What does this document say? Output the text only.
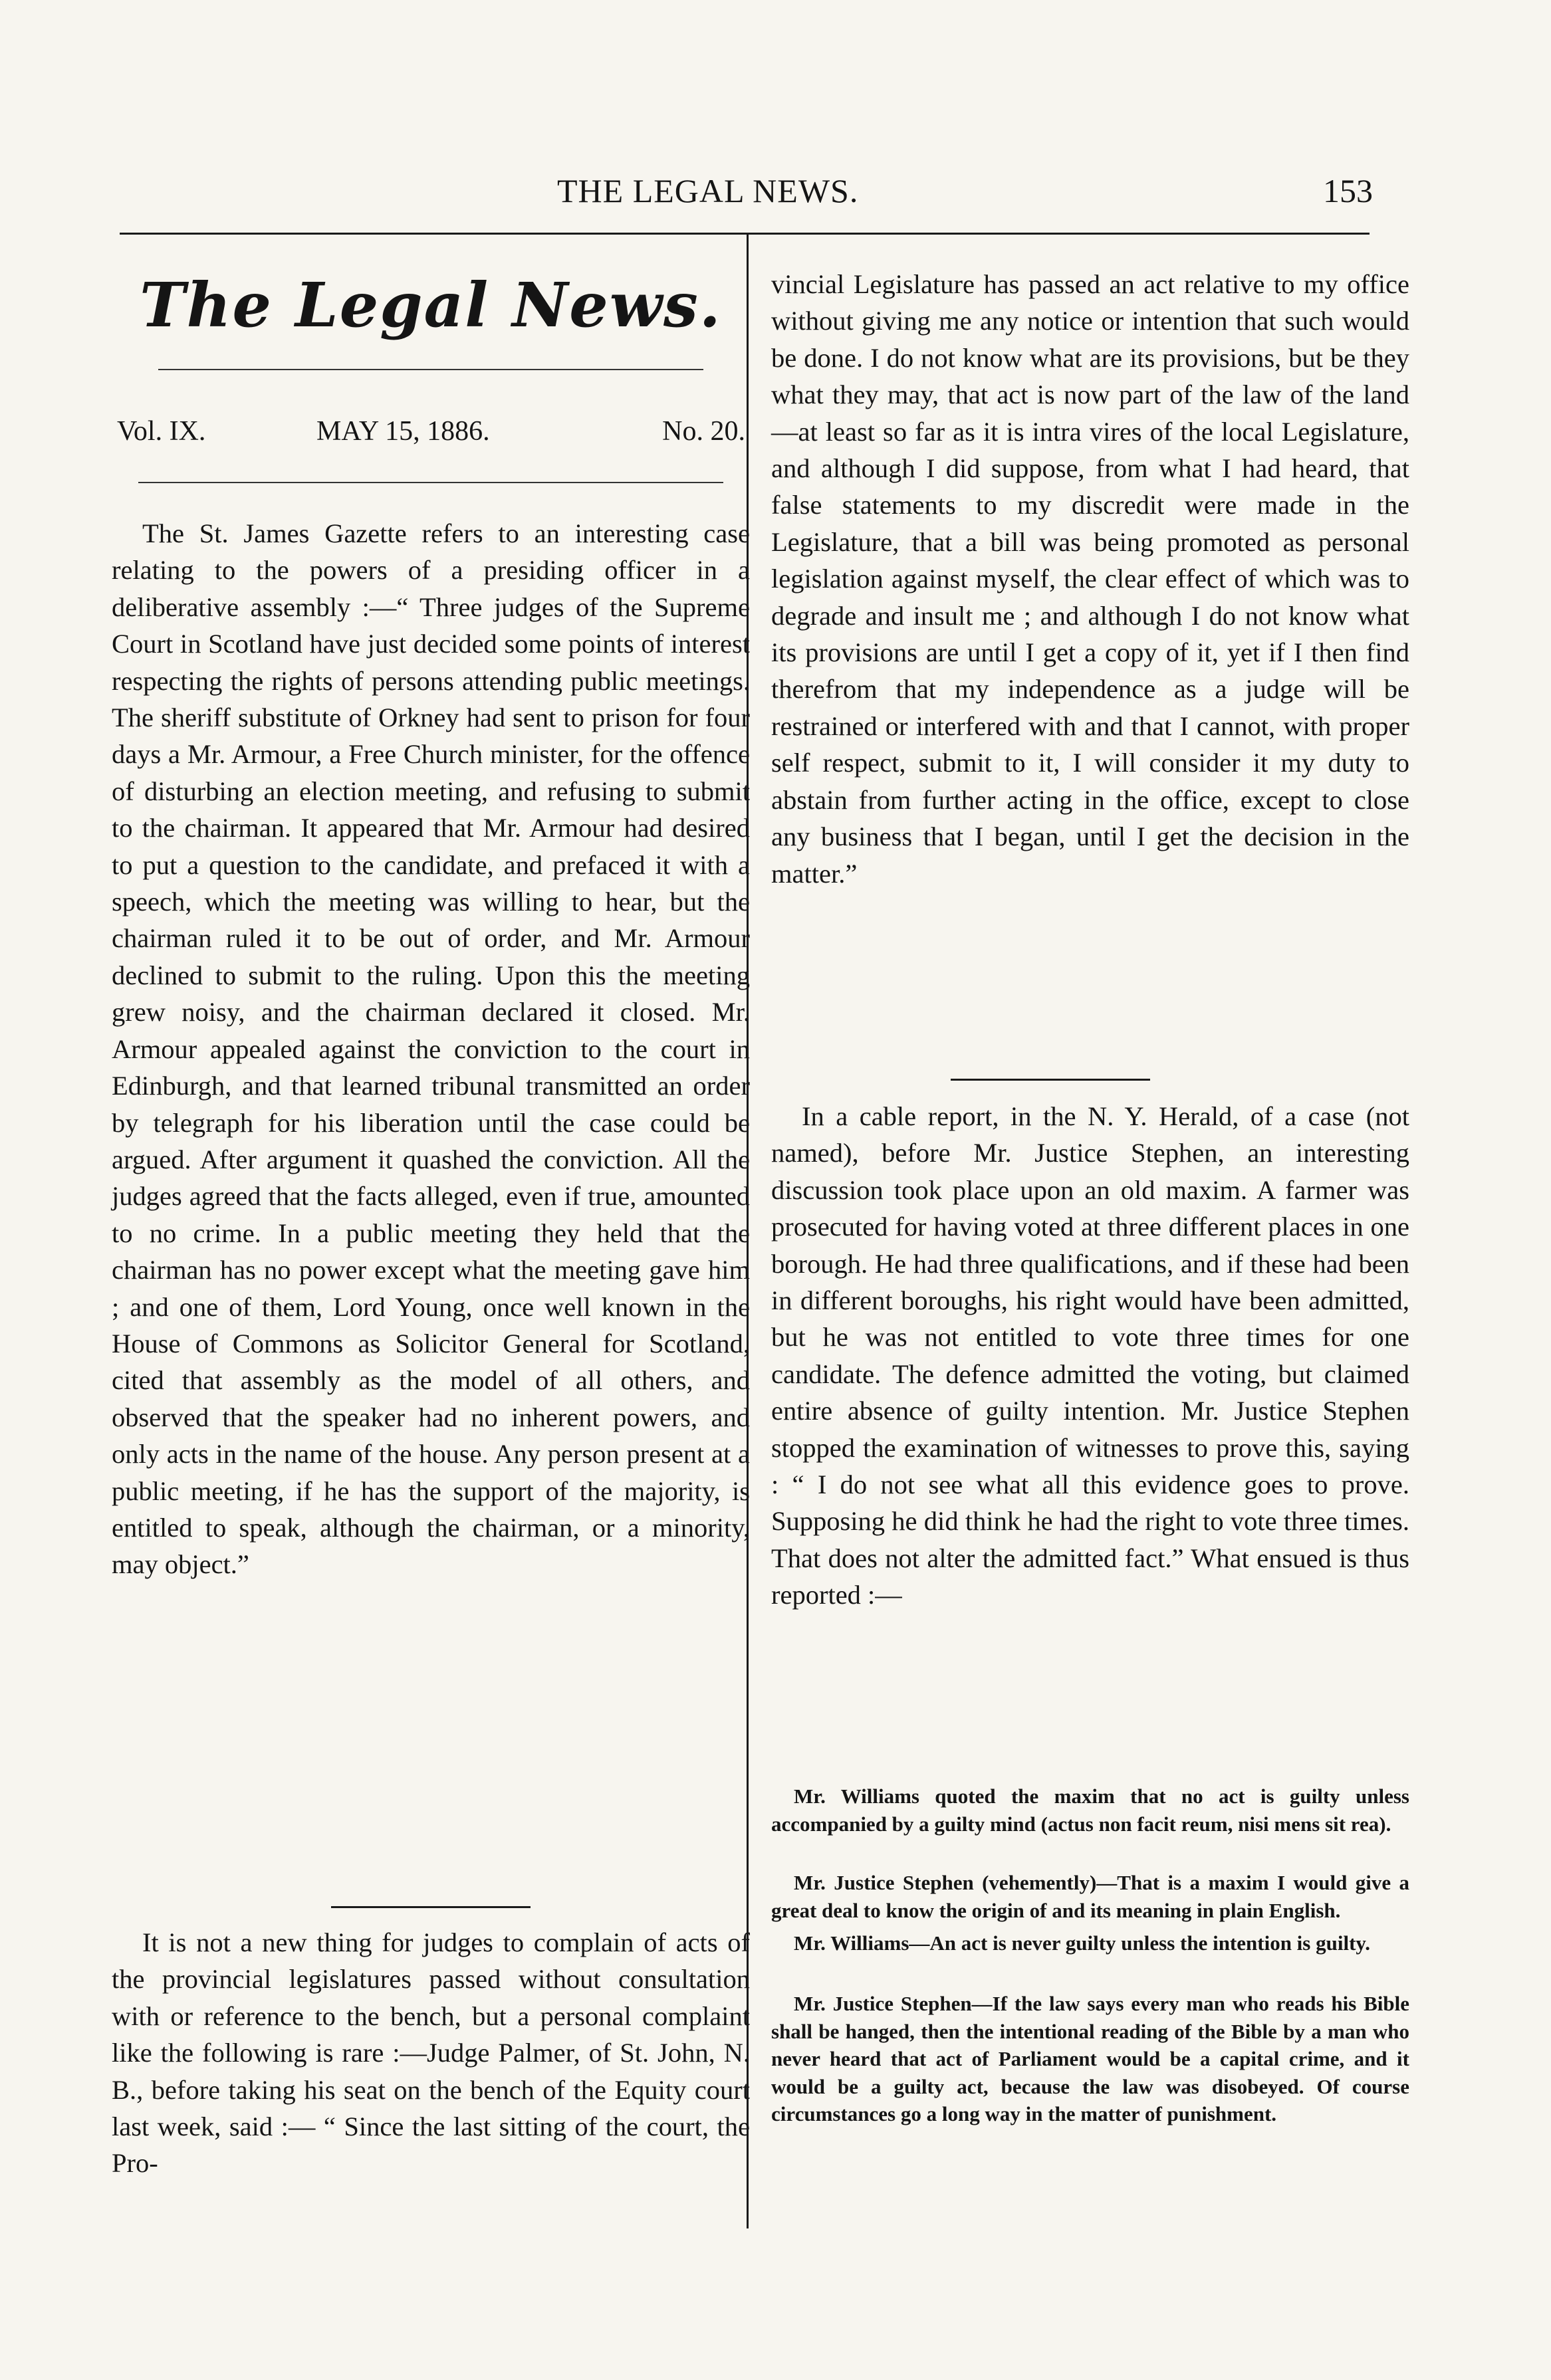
THE LEGAL NEWS.	153
The Legal News.
Vol. IX.	MAY 15, 1886.	No. 20.
The St. James Gazette refers to an interesting case relating to the powers of a presiding officer in a deliberative assembly :—“ Three judges of the Supreme Court in Scotland have just decided some points of interest respecting the rights of persons attending public meetings. The sheriff substitute of Orkney had sent to prison for four days a Mr. Armour, a Free Church minister, for the offence of disturbing an election meeting, and refusing to submit to the chairman. It appeared that Mr. Armour had desired to put a question to the candidate, and prefaced it with a speech, which the meeting was willing to hear, but the chairman ruled it to be out of order, and Mr. Armour declined to submit to the ruling. Upon this the meeting grew noisy, and the chairman declared it closed. Mr. Armour appealed against the conviction to the court in Edinburgh, and that learned tribunal transmitted an order by telegraph for his liberation until the case could be argued. After argument it quashed the conviction. All the judges agreed that the facts alleged, even if true, amounted to no crime. In a public meeting they held that the chairman has no power except what the meeting gave him ; and one of them, Lord Young, once well known in the House of Commons as Solicitor General for Scotland, cited that assembly as the model of all others, and observed that the speaker had no inherent powers, and only acts in the name of the house. Any person present at a public meeting, if he has the support of the majority, is entitled to speak, although the chairman, or a minority, may object.”
It is not a new thing for judges to complain of acts of the provincial legislatures passed without consultation with or reference to the bench, but a personal complaint like the following is rare :—Judge Palmer, of St. John, N. B., before taking his seat on the bench of the Equity court last week, said :— “ Since the last sitting of the court, the Pro-
vincial Legislature has passed an act relative to my office without giving me any notice or intention that such would be done. I do not know what are its provisions, but be they what they may, that act is now part of the law of the land—at least so far as it is intra vires of the local Legislature, and although I did suppose, from what I had heard, that false statements to my discredit were made in the Legislature, that a bill was being promoted as personal legislation against myself, the clear effect of which was to degrade and insult me ; and although I do not know what its provisions are until I get a copy of it, yet if I then find therefrom that my independence as a judge will be restrained or interfered with and that I cannot, with proper self respect, submit to it, I will consider it my duty to abstain from further acting in the office, except to close any business that I began, until I get the decision in the matter.”
In a cable report, in the N. Y. Herald, of a case (not named), before Mr. Justice Stephen, an interesting discussion took place upon an old maxim. A farmer was prosecuted for having voted at three different places in one borough. He had three qualifications, and if these had been in different boroughs, his right would have been admitted, but he was not entitled to vote three times for one candidate. The defence admitted the voting, but claimed entire absence of guilty intention. Mr. Justice Stephen stopped the examination of witnesses to prove this, saying : “ I do not see what all this evidence goes to prove. Supposing he did think he had the right to vote three times. That does not alter the admitted fact.” What ensued is thus reported :—
Mr. Williams quoted the maxim that no act is guilty unless accompanied by a guilty mind (actus non facit reum, nisi mens sit rea).
Mr. Justice Stephen (vehemently)—That is a maxim I would give a great deal to know the origin of and its meaning in plain English.
Mr. Williams—An act is never guilty unless the intention is guilty.
Mr. Justice Stephen—If the law says every man who reads his Bible shall be hanged, then the intentional reading of the Bible by a man who never heard that act of Parliament would be a capital crime, and it would be a guilty act, because the law was disobeyed. Of course circumstances go a long way in the matter of punishment.
